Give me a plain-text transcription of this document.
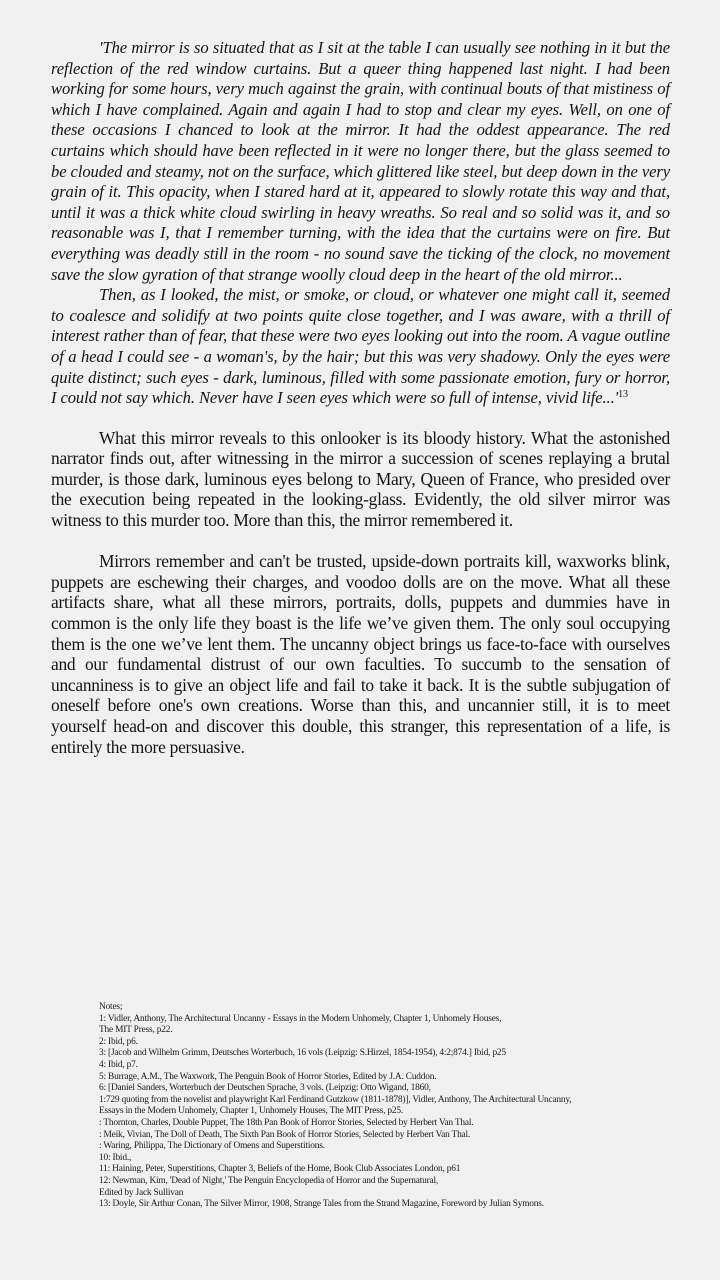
'The mirror is so situated that as I sit at the table I can usually see nothing in it but the reflection of the red window curtains. But a queer thing happened last night. I had been working for some hours, very much against the grain, with continual bouts of that mistiness of which I have complained. Again and again I had to stop and clear my eyes. Well, on one of these occasions I chanced to look at the mirror. It had the oddest appearance. The red curtains which should have been reflected in it were no longer there, but the glass seemed to be clouded and steamy, not on the surface, which glittered like steel, but deep down in the very grain of it. This opacity, when I stared hard at it, appeared to slowly rotate this way and that, until it was a thick white cloud swirling in heavy wreaths. So real and so solid was it, and so reasonable was I, that I remember turning, with the idea that the curtains were on fire. But everything was deadly still in the room - no sound save the ticking of the clock, no movement save the slow gyration of that strange woolly cloud deep in the heart of the old mirror...

Then, as I looked, the mist, or smoke, or cloud, or whatever one might call it, seemed to coalesce and solidify at two points quite close together, and I was aware, with a thrill of interest rather than of fear, that these were two eyes looking out into the room. A vague outline of a head I could see - a woman's, by the hair; but this was very shadowy. Only the eyes were quite distinct; such eyes - dark, luminous, filled with some passionate emotion, fury or horror, I could not say which. Never have I seen eyes which were so full of intense, vivid $life...'^{13}$

What this mirror reveals to this onlooker is its bloody history. What the astonished narrator finds out, after witnessing in the mirror a succession of scenes replaying a brutal murder, is those dark, luminous eyes belong to Mary, Queen of France, who presided over the execution being repeated in the looking-glass. Evidently, the old silver mirror was witness to this murder too. More than this, the mirror remembered it.

Mirrors remember and can't be trusted, upside-down portraits kill, waxworks blink, puppets are eschewing their charges, and voodoo dolls are on the move. What all these artifacts share, what all these mirrors, portraits, dolls, puppets and dummies have in common is the only life they boast is the life we’ve given them. The only soul occupying them is the one we’ve lent them. The uncanny object brings us face-to-face with ourselves and our fundamental distrust of our own faculties. To succumb to the sensation of uncanniness is to give an object life and fail to take it back. It is the subtle subjugation of oneself before one's own creations. Worse than this, and uncannier still, it is to meet yourself head-on and discover this double, this stranger, this representation of a life, is entirely the more persuasive.

Notes;
1: Vidler, Anthony, The Architectural Uncanny - Essays in the Modern Unhomely, Chapter 1, Unhomely Houses,
The MIT Press, p22.
2: Ibid, p6.
3: [Jacob and Wilhelm Grimm, Deutsches Worterbuch, 16 vols (Leipzig: S.Hirzel, 1854-1954), 4:2;874.] Ibid, p25
4: Ibid, p7.
5: Burrage, A.M., The Waxwork, The Penguin Book of Horror Stories, Edited by J.A. Cuddon.
6: [Daniel Sanders, Worterbuch der Deutschen Sprache, 3 vols. (Leipzig: Otto Wigand, 1860,
1:729 quoting from the novelist and playwright Karl Ferdinand Gutzkow (1811-1878)], Vidler, Anthony, The Architectural Uncanny,
Essays in the Modern Unhomely, Chapter 1, Unhomely Houses, The MIT Press, p25.
: Thornton, Charles, Double Puppet, The 18th Pan Book of Horror Stories, Selected by Herbert Van Thal.
: Meik, Vivian, The Doll of Death, The Sixth Pan Book of Horror Stories, Selected by Herbert Van Thal.
: Waring, Philippa, The Dictionary of Omens and Superstitions.
10: Ibid.,
11: Haining, Peter, Superstitions, Chapter 3, Beliefs of the Home, Book Club Associates London, p61
12: Newman, Kim, 'Dead of Night,' The Penguin Encyclopedia of Horror and the Supernatural,
Edited by Jack Sullivan
13: Doyle, Sir Arthur Conan, The Silver Mirror, 1908, Strange Tales from the Strand Magazine, Foreword by Julian Symons.
